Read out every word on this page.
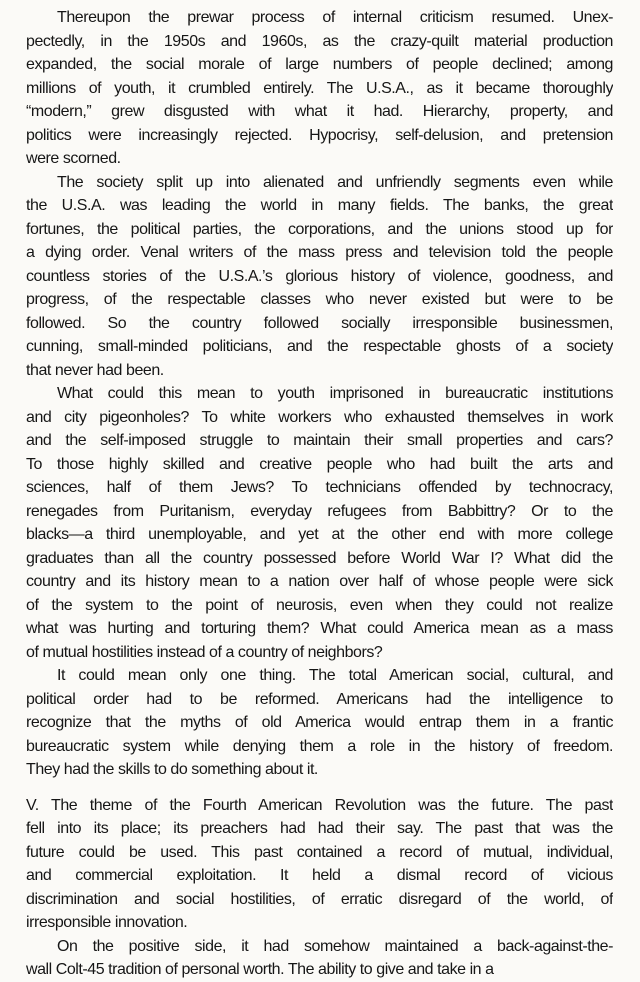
Thereupon the prewar process of internal criticism resumed. Unex-
pectedly, in the 1950s and 1960s, as the crazy-quilt material production
expanded, the social morale of large numbers of people declined; among
millions of youth, it crumbled entirely. The U.S.A., as it became thoroughly
“modern,” grew disgusted with what it had. Hierarchy, property, and
politics were increasingly rejected. Hypocrisy, self-delusion, and pretension
were scorned.

The society split up into alienated and unfriendly segments even while
the U.S.A. was leading the world in many fields. The banks, the great
fortunes, the political parties, the corporations, and the unions stood up for
a dying order. Venal writers of the mass press and television told the people
countless stories of the U.S.A.’s glorious history of violence, goodness, and
progress, of the respectable classes who never existed but were to be
followed. So the country followed socially irresponsible businessmen,
cunning, small-minded politicians, and the respectable ghosts of a society
that never had been.

What could this mean to youth imprisoned in bureaucratic institutions
and city pigeonholes? To white workers who exhausted themselves in work
and the self-imposed struggle to maintain their small properties and cars?
To those highly skilled and creative people who had built the arts and
sciences, half of them Jews? To technicians offended by technocracy,
renegades from Puritanism, everyday refugees from Babbittry? Or to the
blacks—a third unemployable, and yet at the other end with more college
graduates than all the country possessed before World War I? What did the
country and its history mean to a nation over half of whose people were sick
of the system to the point of neurosis, even when they could not realize
what was hurting and torturing them? What could America mean as a mass
of mutual hostilities instead of a country of neighbors?

It could mean only one thing. The total American social, cultural, and
political order had to be reformed. Americans had the intelligence to
recognize that the myths of old America would entrap them in a frantic
bureaucratic system while denying them a role in the history of freedom.
They had the skills to do something about it.

V. The theme of the Fourth American Revolution was the future. The past
fell into its place; its preachers had had their say. The past that was the
future could be used. This past contained a record of mutual, individual,
and commercial exploitation. It held a dismal record of vicious
discrimination and social hostilities, of erratic disregard of the world, of
irresponsible innovation.

On the positive side, it had somehow maintained a back-against-the-
wall Colt-45 tradition of personal worth. The ability to give and take in a
